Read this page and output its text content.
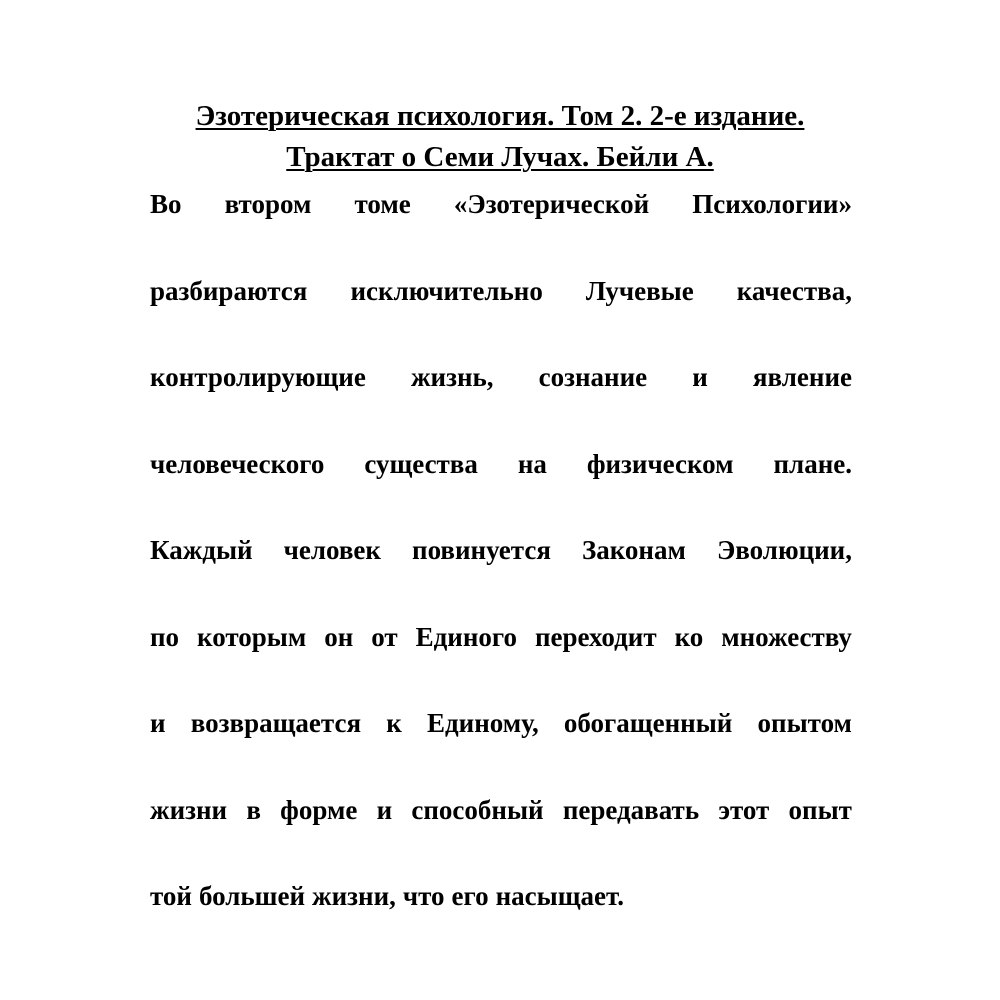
Эзотерическая психология. Том 2. 2-е издание.
Трактат о Семи Лучах. Бейли А.
Во втором томе «Эзотерической Психологии»
разбираются исключительно Лучевые качества,
контролирующие жизнь, сознание и явление
человеческого существа на физическом плане.
Каждый человек повинуется Законам Эволюции,
по которым он от Единого переходит ко множеству
и возвращается к Единому, обогащенный опытом
жизни в форме и способный передавать этот опыт
той большей жизни, что его насыщает.
